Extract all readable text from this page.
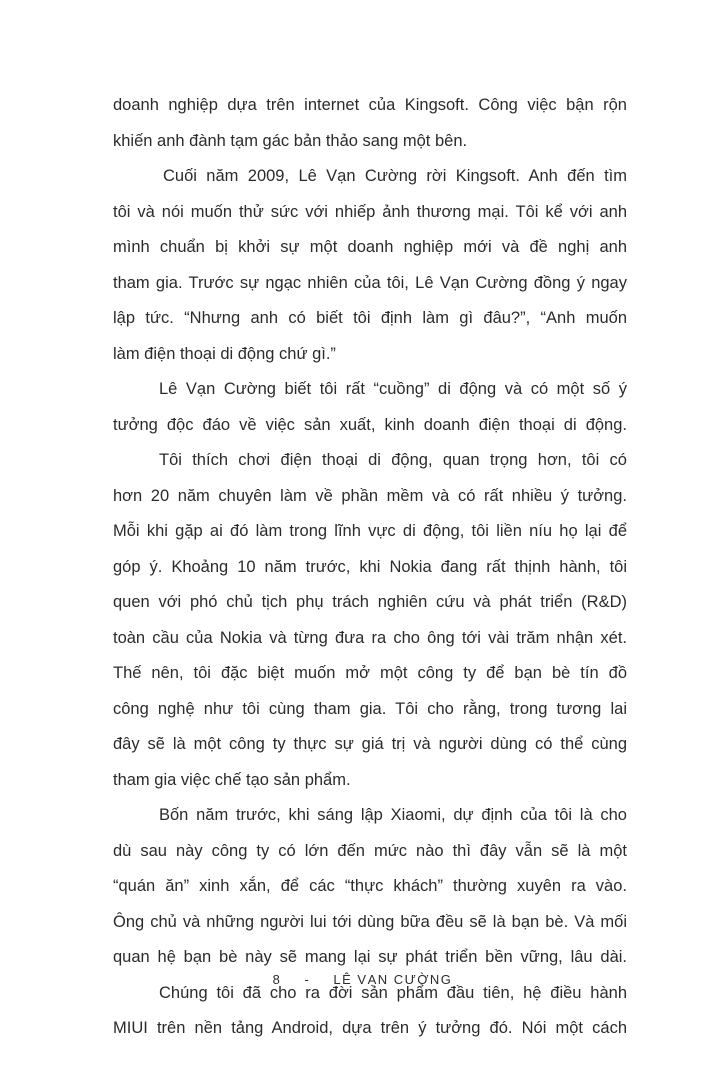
doanh nghiệp dựa trên internet của Kingsoft. Công việc bận rộn
khiến anh đành tạm gác bản thảo sang một bên.
Cuối năm 2009, Lê Vạn Cường rời Kingsoft. Anh đến tìm
tôi và nói muốn thử sức với nhiếp ảnh thương mại. Tôi kể với anh
mình chuẩn bị khởi sự một doanh nghiệp mới và đề nghị anh
tham gia. Trước sự ngạc nhiên của tôi, Lê Vạn Cường đồng ý ngay
lập tức. “Nhưng anh có biết tôi định làm gì đâu?”, “Anh muốn
làm điện thoại di động chứ gì.”
Lê Vạn Cường biết tôi rất “cuồng” di động và có một số ý
tưởng độc đáo về việc sản xuất, kinh doanh điện thoại di động.
Tôi thích chơi điện thoại di động, quan trọng hơn, tôi có
hơn 20 năm chuyên làm về phần mềm và có rất nhiều ý tưởng.
Mỗi khi gặp ai đó làm trong lĩnh vực di động, tôi liền níu họ lại để
góp ý. Khoảng 10 năm trước, khi Nokia đang rất thịnh hành, tôi
quen với phó chủ tịch phụ trách nghiên cứu và phát triển (R&D)
toàn cầu của Nokia và từng đưa ra cho ông tới vài trăm nhận xét.
Thế nên, tôi đặc biệt muốn mở một công ty để bạn bè tín đồ
công nghệ như tôi cùng tham gia. Tôi cho rằng, trong tương lai
đây sẽ là một công ty thực sự giá trị và người dùng có thể cùng
tham gia việc chế tạo sản phẩm.
Bốn năm trước, khi sáng lập Xiaomi, dự định của tôi là cho
dù sau này công ty có lớn đến mức nào thì đây vẫn sẽ là một
“quán ăn” xinh xắn, để các “thực khách” thường xuyên ra vào.
Ông chủ và những người lui tới dùng bữa đều sẽ là bạn bè. Và mối
quan hệ bạn bè này sẽ mang lại sự phát triển bền vững, lâu dài.
Chúng tôi đã cho ra đời sản phẩm đầu tiên, hệ điều hành
MIUI trên nền tảng Android, dựa trên ý tưởng đó. Nói một cách
8 - LÊ VẠN CƯỜNG
